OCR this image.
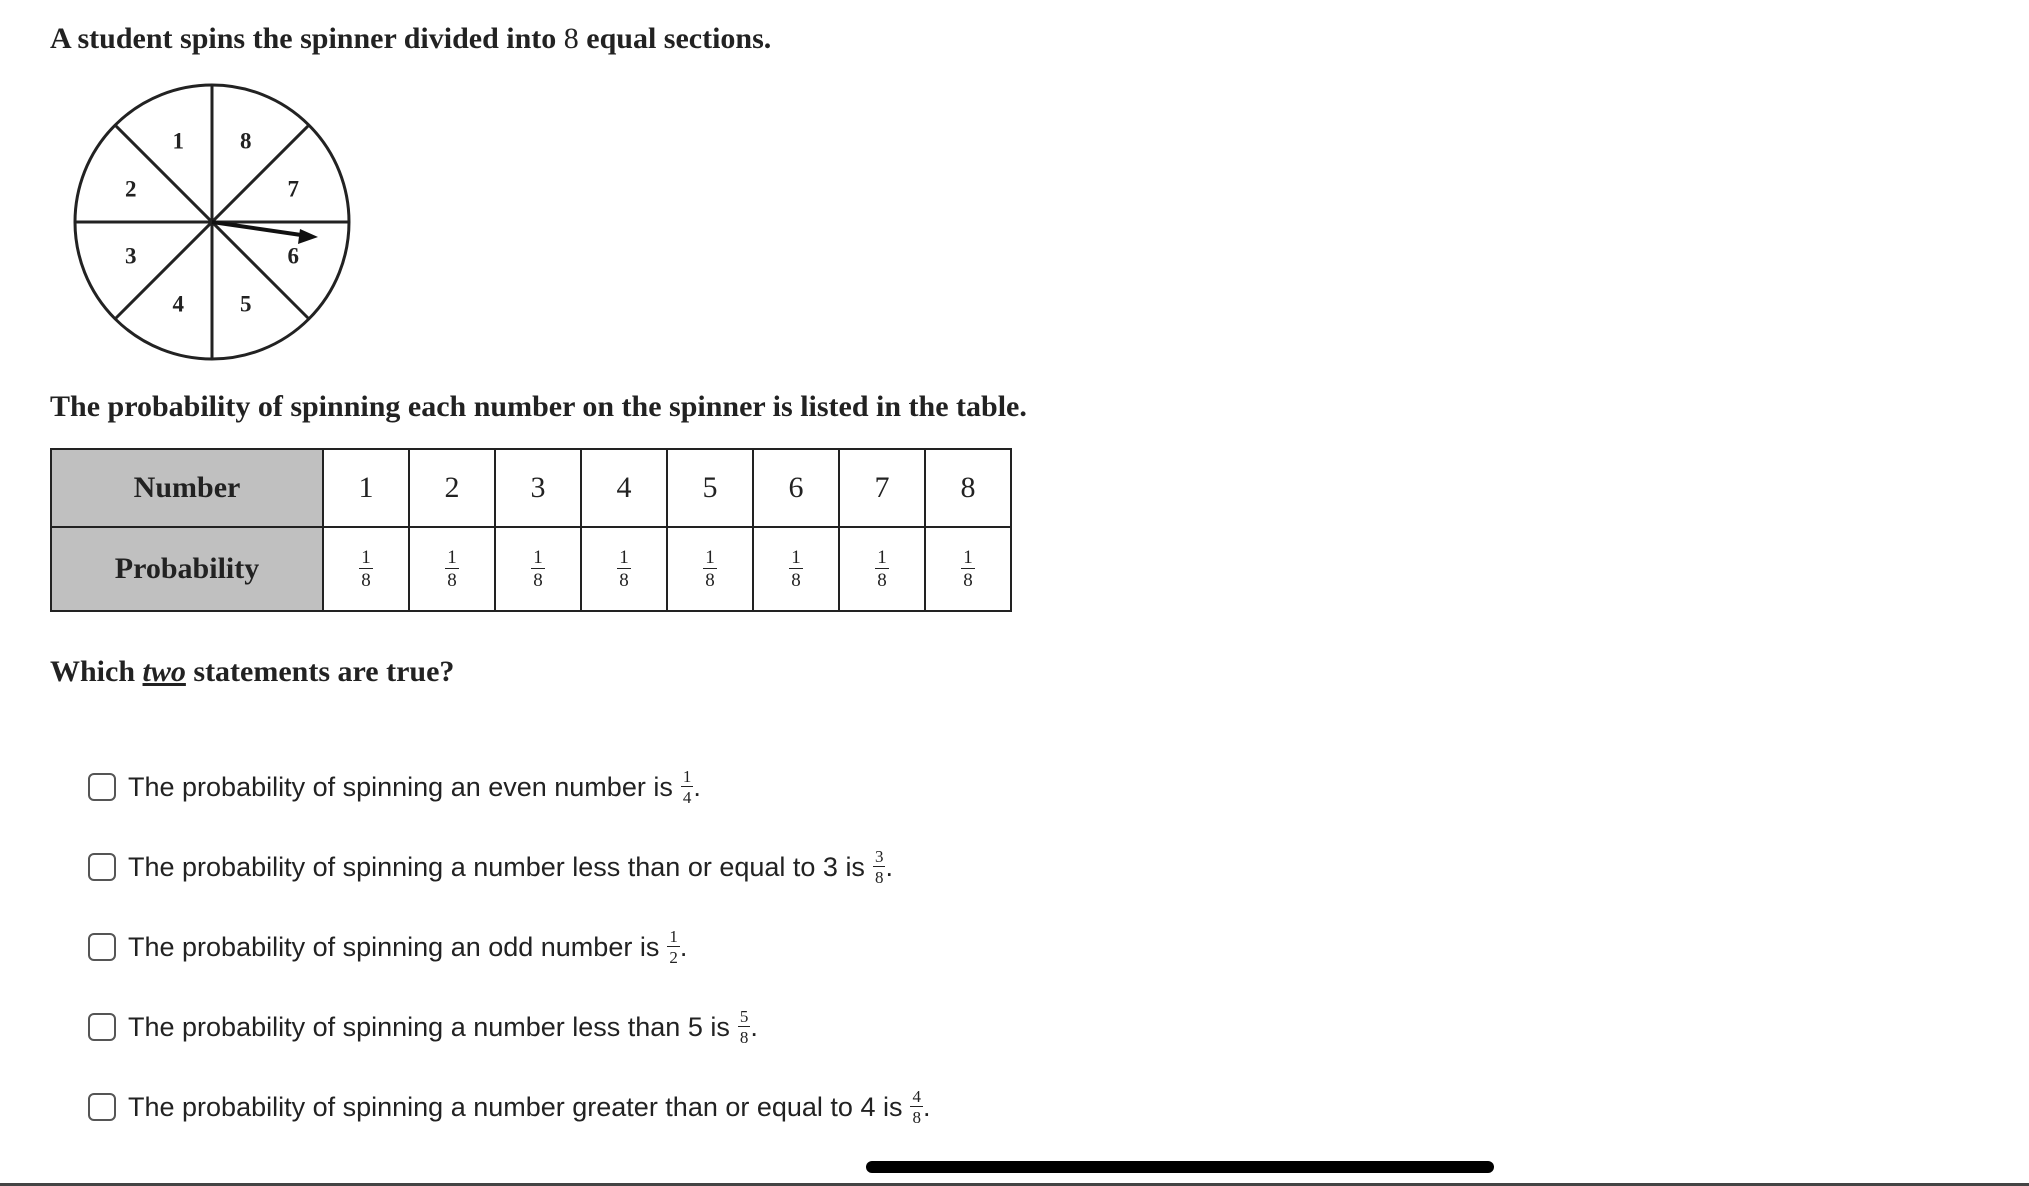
A student spins the spinner divided into 8 equal sections.

1 8
7
6
5
4
3
2

The probability of spinning each number on the spinner is listed in the table.

Number	1	2	3	4	5	6	7	8
Probability	$\frac{1}{8}$	$\frac{1}{8}$	$\frac{1}{8}$	$\frac{1}{8}$	$\frac{1}{8}$	$\frac{1}{8}$	$\frac{1}{8}$	$\frac{1}{8}$

Which two statements are true?

The probability of spinning an even number is $\frac{1}{4}$ .
The probability of spinning a number less than or equal to 3 is $\frac{3}{8}$ .
The probability of spinning an odd number is $\frac{1}{2}$ .
The probability of spinning a number less than 5 is $\frac{5}{8}$ .
The probability of spinning a number greater than or equal to 4 is $\frac{4}{8}$ .
